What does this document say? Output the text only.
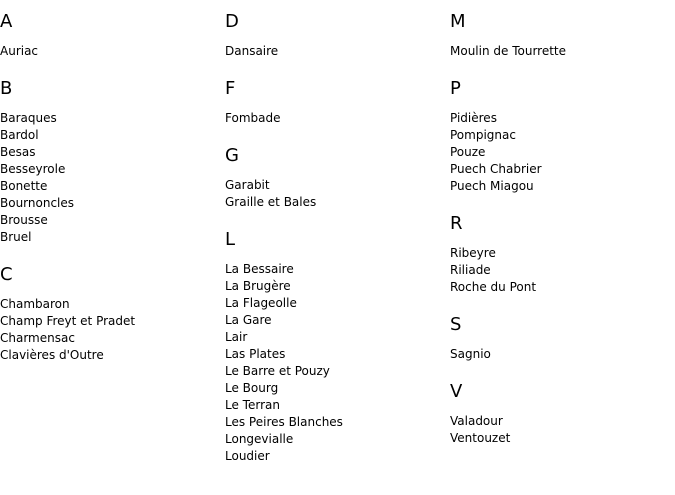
A
Auriac
B
Baraques
Bardol
Besas
Besseyrole
Bonette
Bournoncles
Brousse
Bruel
C
Chambaron
Champ Freyt et Pradet
Charmensac
Clavières d'Outre
D
Dansaire
F
Fombade
G
Garabit
Graille et Bales
L
La Bessaire
La Brugère
La Flageolle
La Gare
Lair
Las Plates
Le Barre et Pouzy
Le Bourg
Le Terran
Les Peires Blanches
Longevialle
Loudier
M
Moulin de Tourrette
P
Pidières
Pompignac
Pouze
Puech Chabrier
Puech Miagou
R
Ribeyre
Riliade
Roche du Pont
S
Sagnio
V
Valadour
Ventouzet
